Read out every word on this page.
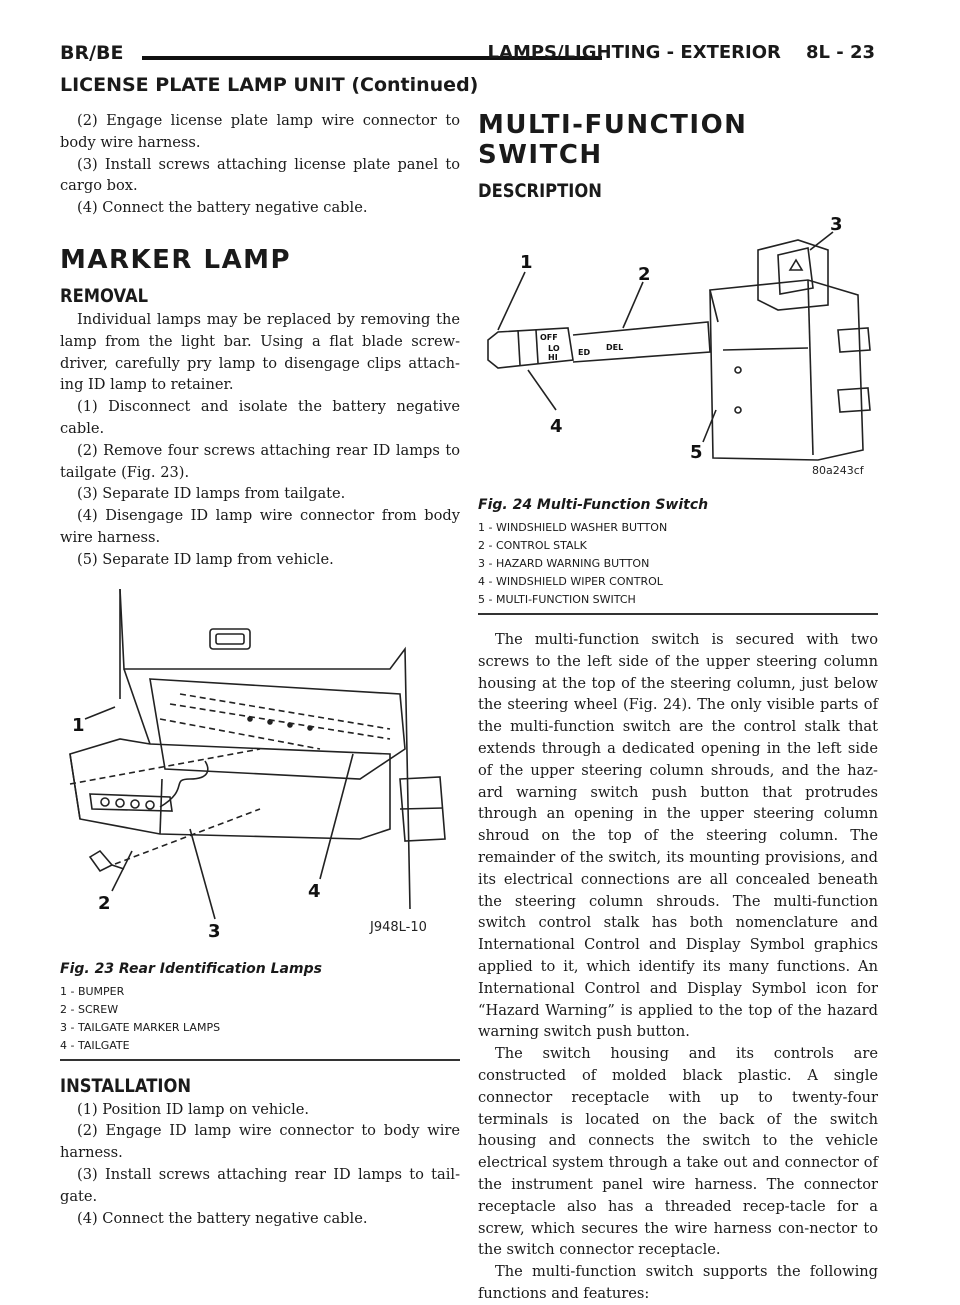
BR/BE	LAMPS/LIGHTING - EXTERIOR    8L - 23
LICENSE PLATE LAMP UNIT (Continued)

(2) Engage license plate lamp wire connector to body wire harness.

(3) Install screws attaching license plate panel to cargo box.

(4) Connect the battery negative cable.

MARKER LAMP
REMOVAL

Individual lamps may be replaced by removing the lamp from the light bar. Using a flat blade screw-driver, carefully pry lamp to disengage clips attach-ing ID lamp to retainer.

(1) Disconnect and isolate the battery negative cable.

(2) Remove four screws attaching rear ID lamps to tailgate (Fig. 23).

(3) Separate ID lamps from tailgate.

(4) Disengage ID lamp wire connector from body wire harness.

(5) Separate ID lamp from vehicle.

1
2
3
4
J948L-10
Fig. 23 Rear Identification Lamps
1 - BUMPER
2 - SCREW
3 - TAILGATE MARKER LAMPS
4 - TAILGATE
INSTALLATION

(1) Position ID lamp on vehicle.

(2) Engage ID lamp wire connector to body wire harness.

(3) Install screws attaching rear ID lamps to tail-gate.

(4) Connect the battery negative cable.

MULTI-FUNCTION SWITCH
DESCRIPTION
OFF
ED
HI
LO	DEL
1
2
3
4
5
80a243cf
Fig. 24 Multi-Function Switch
1 - WINDSHIELD WASHER BUTTON
2 - CONTROL STALK
3 - HAZARD WARNING BUTTON
4 - WINDSHIELD WIPER CONTROL
5 - MULTI-FUNCTION SWITCH

The multi-function switch is secured with two screws to the left side of the upper steering column housing at the top of the steering column, just below the steering wheel (Fig. 24). The only visible parts of the multi-function switch are the control stalk that extends through a dedicated opening in the left side of the upper steering column shrouds, and the haz-ard warning switch push button that protrudes through an opening in the upper steering column shroud on the top of the steering column. The remainder of the switch, its mounting provisions, and its electrical connections are all concealed beneath the steering column shrouds. The multi-function switch control stalk has both nomenclature and International Control and Display Symbol graphics applied to it, which identify its many functions. An International Control and Display Symbol icon for “Hazard Warning” is applied to the top of the hazard warning switch push button.

The switch housing and its controls are constructed of molded black plastic. A single connector receptacle with up to twenty-four terminals is located on the back of the switch housing and connects the switch to the vehicle electrical system through a take out and connector of the instrument panel wire harness. The connector receptacle also has a threaded recep-tacle for a screw, which secures the wire harness con-nector to the switch connector receptacle.

The multi-function switch supports the following functions and features:
